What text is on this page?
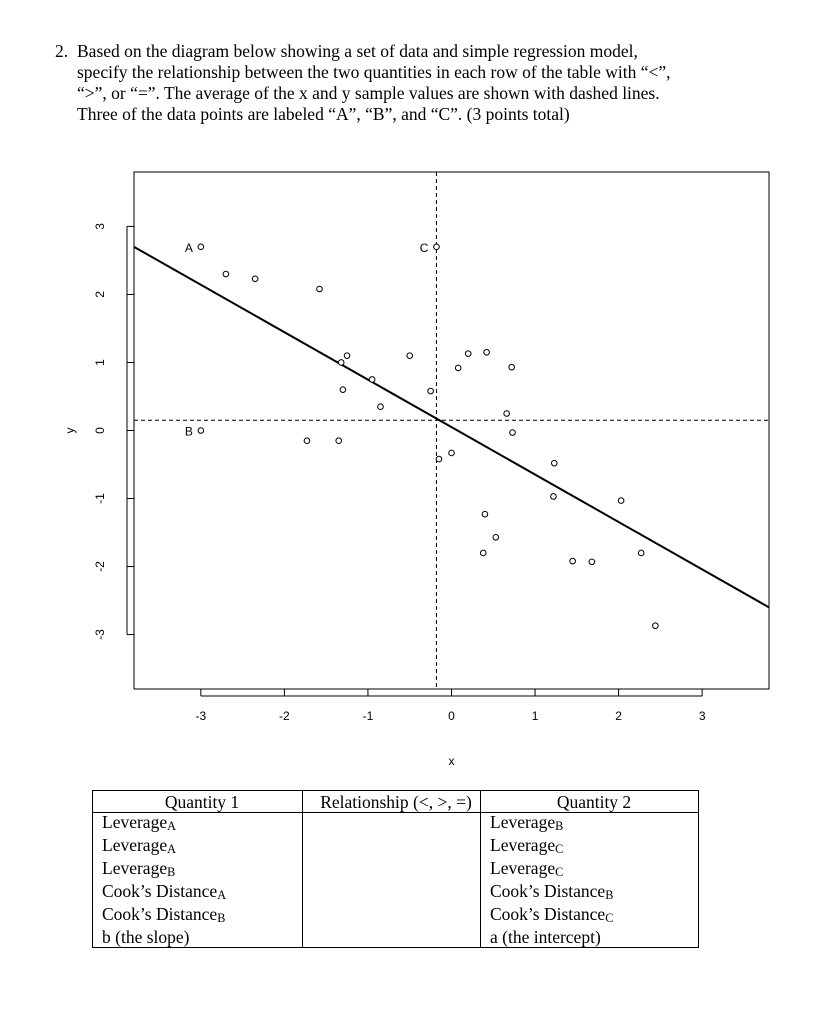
2. Based on the diagram below showing a set of data and simple regression model,
specify the relationship between the two quantities in each row of the table with “<”,
“>”, or “=”. The average of the x and y sample values are shown with dashed lines.
Three of the data points are labeled “A”, “B”, and “C”. (3 points total)
-3	-2	-1	0	1	2	3
-3
-2
-1
0
1
2
3
x
y
A
B
C
Quantity 1	Relationship (<, >, =)	Quantity 2
Leverage$_A$		Leverage$_B$
Leverage$_A$		Leverage$_C$
Leverage$_B$		Leverage$_C$
Cook’s Distance$_A$		Cook’s Distance$_B$
Cook’s Distance$_B$		Cook’s Distance$_C$
b (the slope)		a (the intercept)
